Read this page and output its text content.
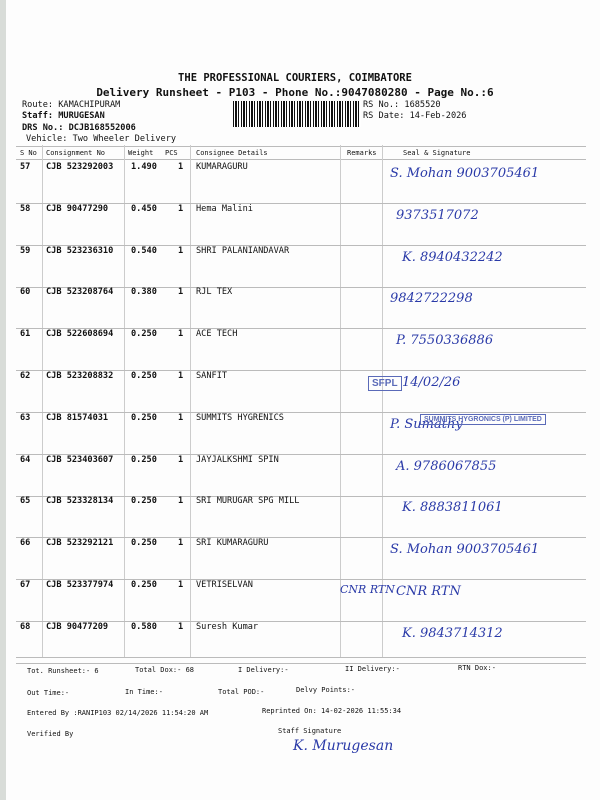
THE PROFESSIONAL COURIERS, COIMBATORE
Delivery Runsheet - P103 - Phone No.:9047080280 - Page No.:6
Route: KAMACHIPURAM
Staff: MURUGESAN
DRS No.: DCJB168552006
Vehicle: Two Wheeler Delivery
RS No.: 1685520
RS Date: 14-Feb-2026
S No Consignment No	Weight PCS	Consignee Details	Remarks	Seal & Signature
57 CJB 523292003 1.490 1 KUMARAGURU	S. Mohan 9003705461
58 CJB 90477290	0.450 1 Hema Malini	9373517072
59 CJB 523236310 0.540 1 SHRI PALANIANDAVAR	K. 8940432242
60 CJB 523208764 0.380 1 RJL TEX	9842722298
61 CJB 522608694 0.250 1 ACE TECH	P. 7550336886
62 CJB 523208832 0.250 1 SANFIT	14/02/26
63 CJB 81574031	0.250 1 SUMMITS HYGRENICS	P. Sumathy
64 CJB 523403607 0.250 1 JAYJALKSHMI SPIN	A. 9786067855
65 CJB 523328134 0.250 1 SRI MURUGAR SPG MILL	K. 8883811061
66 CJB 523292121 0.250 1 SRI KUMARAGURU	S. Mohan 9003705461
67 CJB 523377974 0.250 1 VETRISELVAN	CNR RTN
68 CJB 90477209	0.580 1 Suresh Kumar	K. 9843714312
CNR RTN
SFPL
SUMMITS HYGRONICS (P) LIMITED
Tot. Runsheet:- 6	Total Dox:- 68	I Delivery:-	II Delivery:-	RTN Dox:-
Out Time:-	In Time:-	Total POD:-	Delvy Points:-
Entered By :RANIP103 02/14/2026 11:54:20 AM	Reprinted On: 14-02-2026 11:55:34
Verified By	Staff Signature
K. Murugesan
